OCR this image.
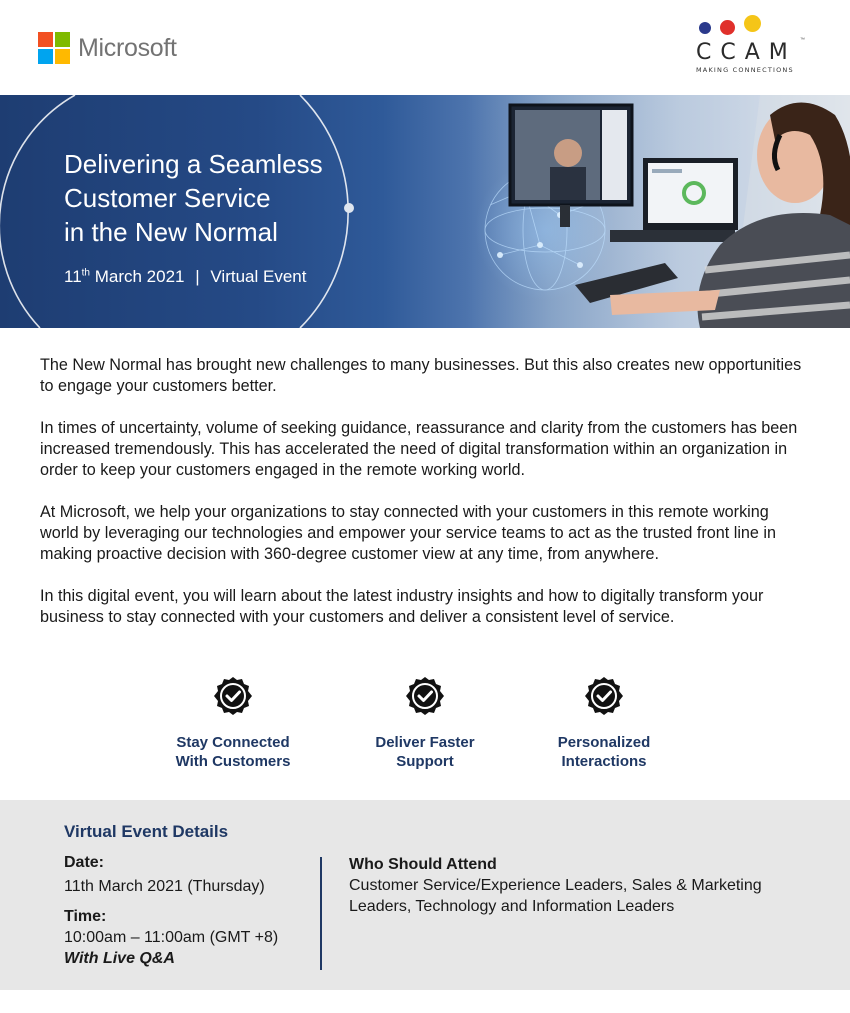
Microsoft	CCAM ™
MAKING CONNECTIONS
Delivering a Seamless
Customer Service
in the New Normal
11th March 2021 | Virtual Event

The New Normal has brought new challenges to many businesses. But this also creates new opportunities to engage your customers better.

In times of uncertainty, volume of seeking guidance, reassurance and clarity from the customers has been increased tremendously. This has accelerated the need of digital transformation within an organization in order to keep your customers engaged in the remote working world.

At Microsoft, we help your organizations to stay connected with your customers in this remote working world by leveraging our technologies and empower your service teams to act as the trusted front line in making proactive decision with 360-degree customer view at any time, from anywhere.

In this digital event, you will learn about the latest industry insights and how to digitally transform your business to stay connected with your customers and deliver a consistent level of service.

Stay Connected
With Customers
Deliver Faster
Support
Personalized
Interactions
Virtual Event Details
Date:
11th March 2021 (Thursday)
Time:
10:00am – 11:00am (GMT +8)
With Live Q&A
Who Should Attend
Customer Service/Experience Leaders, Sales & Marketing Leaders, Technology and Information Leaders
